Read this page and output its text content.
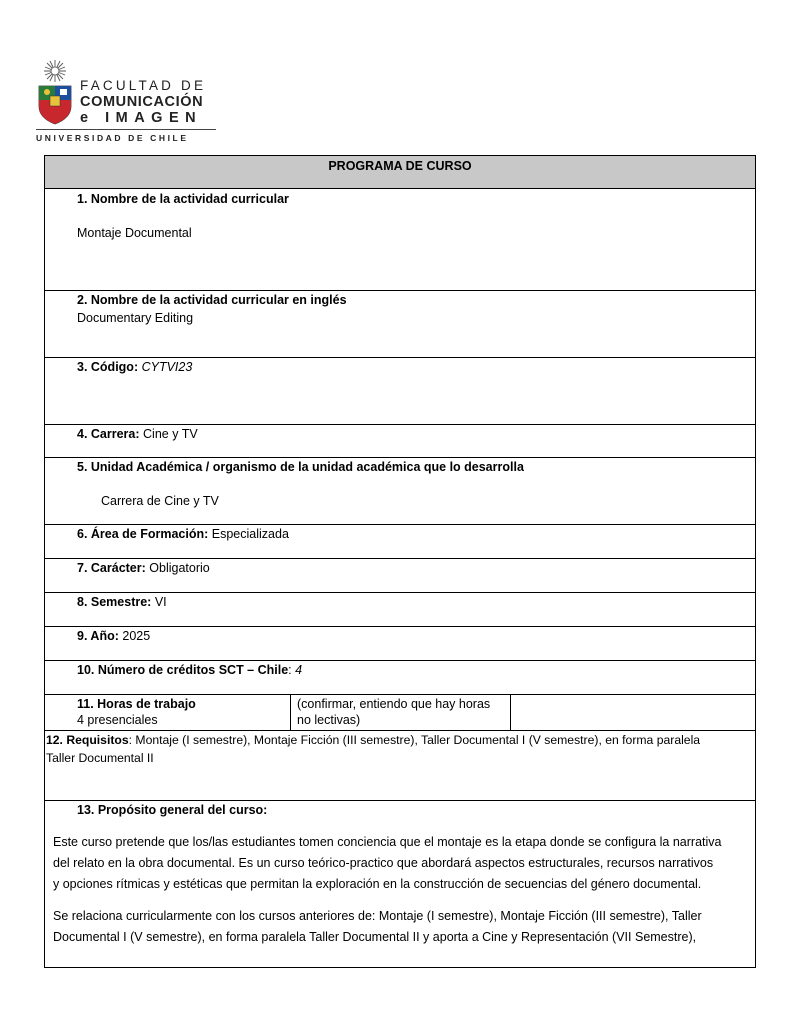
FACULTAD DE
COMUNICACIÓN
e IMAGEN
UNIVERSIDAD DE CHILE
PROGRAMA DE CURSO
1. Nombre de la actividad curricular
Montaje Documental
2. Nombre de la actividad curricular en inglés
Documentary Editing
3. Código: CYTVI23
4. Carrera: Cine y TV
5. Unidad Académica / organismo de la unidad académica que lo desarrolla
Carrera de Cine y TV
6. Área de Formación: Especializada
7. Carácter: Obligatorio
8. Semestre: VI
9. Año: 2025
10. Número de créditos SCT – Chile: 4
11. Horas de trabajo
4 presenciales
(confirmar, entiendo que hay horas
no lectivas)
12. Requisitos: Montaje (I semestre), Montaje Ficción (III semestre), Taller Documental I (V semestre), en forma paralela
Taller Documental II
13. Propósito general del curso:
Este curso pretende que los/las estudiantes tomen conciencia que el montaje es la etapa donde se configura la narrativa
del relato en la obra documental. Es un curso teórico-practico que abordará aspectos estructurales, recursos narrativos
y opciones rítmicas y estéticas que permitan la exploración en la construcción de secuencias del género documental.
Se relaciona curricularmente con los cursos anteriores de: Montaje (I semestre), Montaje Ficción (III semestre), Taller
Documental I (V semestre), en forma paralela Taller Documental II y aporta a Cine y Representación (VII Semestre),
